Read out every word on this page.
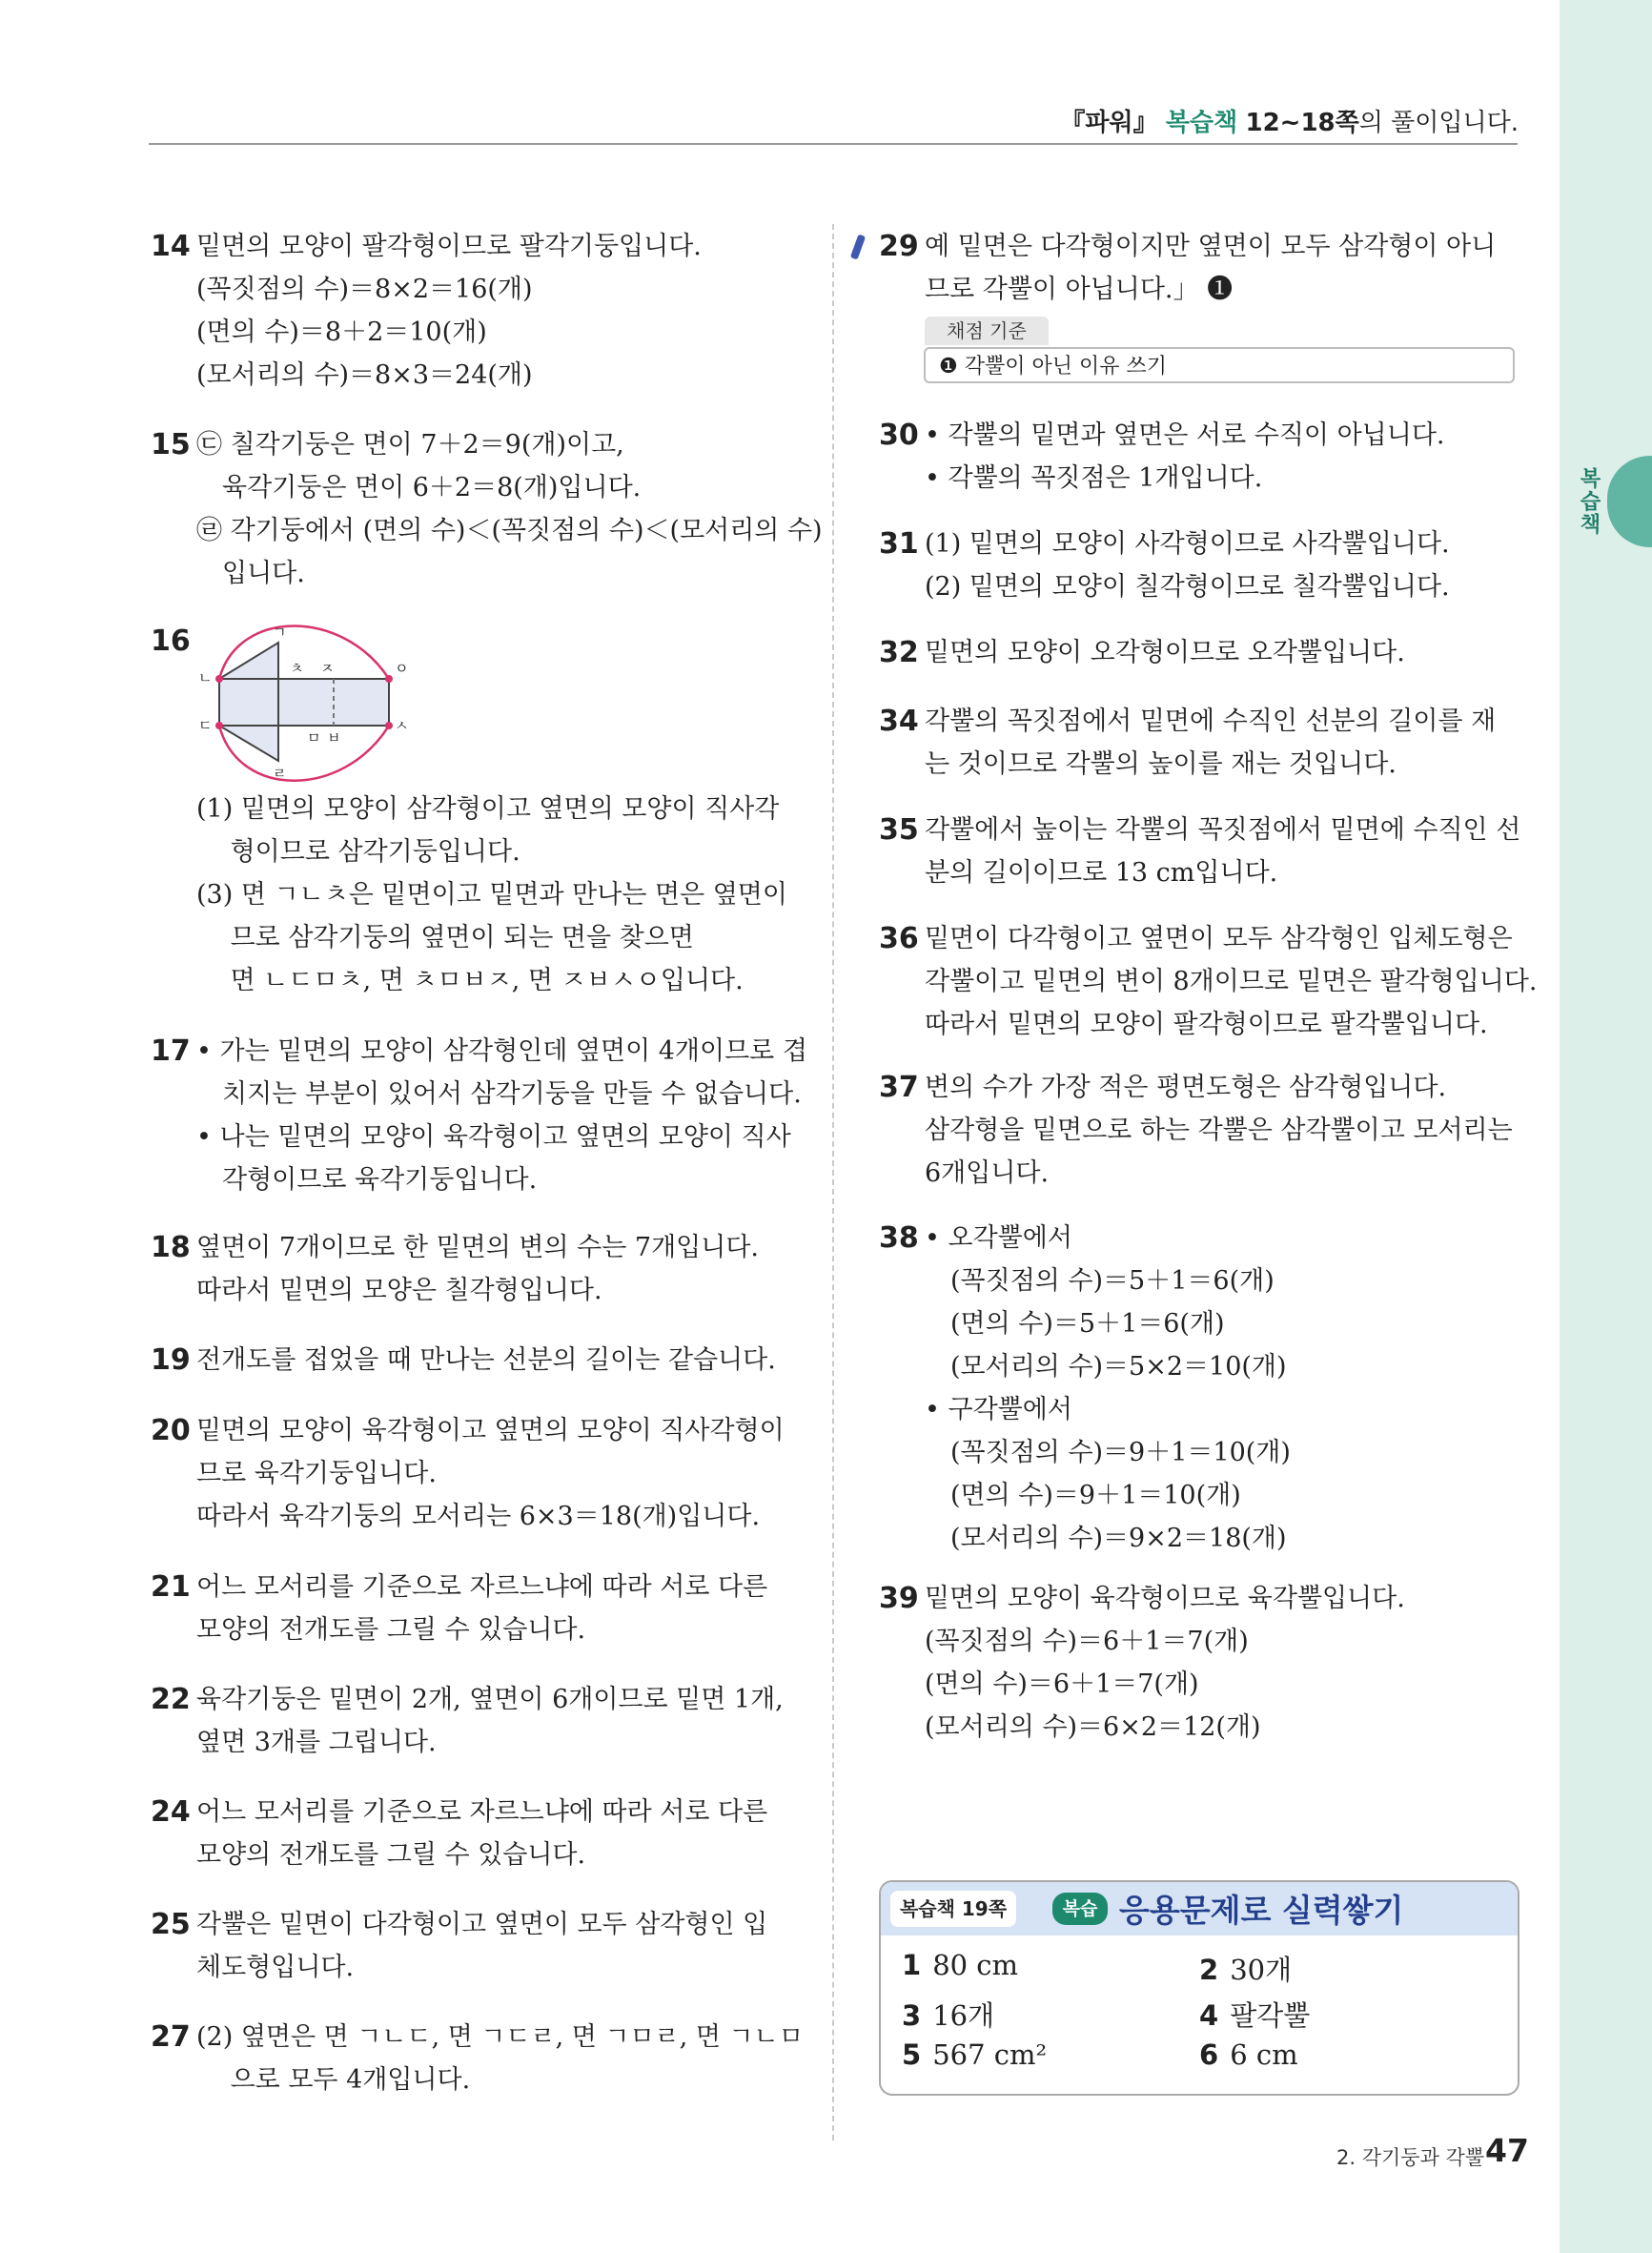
복습책
『파워』 복습책 12~18쪽의 풀이입니다.
14 밑면의 모양이 팔각형이므로 팔각기둥입니다.
(꼭짓점의 수)＝8×2＝16(개)
(면의 수)＝8＋2＝10(개)
(모서리의 수)＝8×3＝24(개)
15 ㉢ 칠각기둥은 면이 7＋2＝9(개)이고,
　육각기둥은 면이 6＋2＝8(개)입니다.
㉣ 각기둥에서 (면의 수)＜(꼭짓점의 수)＜(모서리의 수)
　입니다.
16	ㄱ
ㄴ
ㄷ
ㄹ
ㅁ ㅂ
ㅅ
ㅇ
ㅈ
ㅊ
(1) 밑면의 모양이 삼각형이고 옆면의 모양이 직사각
　 형이므로 삼각기둥입니다.
(3) 면 ㄱㄴㅊ은 밑면이고 밑면과 만나는 면은 옆면이
　 므로 삼각기둥의 옆면이 되는 면을 찾으면
　 면 ㄴㄷㅁㅊ, 면 ㅊㅁㅂㅈ, 면 ㅈㅂㅅㅇ입니다.
17 • 가는 밑면의 모양이 삼각형인데 옆면이 4개이므로 겹
　치지는 부분이 있어서 삼각기둥을 만들 수 없습니다.
• 나는 밑면의 모양이 육각형이고 옆면의 모양이 직사
　각형이므로 육각기둥입니다.
18 옆면이 7개이므로 한 밑면의 변의 수는 7개입니다.
따라서 밑면의 모양은 칠각형입니다.
19 전개도를 접었을 때 만나는 선분의 길이는 같습니다.
20 밑면의 모양이 육각형이고 옆면의 모양이 직사각형이
므로 육각기둥입니다.
따라서 육각기둥의 모서리는 6×3＝18(개)입니다.
21 어느 모서리를 기준으로 자르느냐에 따라 서로 다른
모양의 전개도를 그릴 수 있습니다.
22 육각기둥은 밑면이 2개, 옆면이 6개이므로 밑면 1개,
옆면 3개를 그립니다.
24 어느 모서리를 기준으로 자르느냐에 따라 서로 다른
모양의 전개도를 그릴 수 있습니다.
25 각뿔은 밑면이 다각형이고 옆면이 모두 삼각형인 입
체도형입니다.
27 (2) 옆면은 면 ㄱㄴㄷ, 면 ㄱㄷㄹ, 면 ㄱㅁㄹ, 면 ㄱㄴㅁ
　 으로 모두 4개입니다.
29 예 밑면은 다각형이지만 옆면이 모두 삼각형이 아니
므로 각뿔이 아닙니다.」 ❶
채점 기준
❶ 각뿔이 아닌 이유 쓰기
30 • 각뿔의 밑면과 옆면은 서로 수직이 아닙니다.
• 각뿔의 꼭짓점은 1개입니다.
31 (1) 밑면의 모양이 사각형이므로 사각뿔입니다.
(2) 밑면의 모양이 칠각형이므로 칠각뿔입니다.
32 밑면의 모양이 오각형이므로 오각뿔입니다.
34 각뿔의 꼭짓점에서 밑면에 수직인 선분의 길이를 재
는 것이므로 각뿔의 높이를 재는 것입니다.
35 각뿔에서 높이는 각뿔의 꼭짓점에서 밑면에 수직인 선
분의 길이이므로 13 cm입니다.
36 밑면이 다각형이고 옆면이 모두 삼각형인 입체도형은
각뿔이고 밑면의 변이 8개이므로 밑면은 팔각형입니다.
따라서 밑면의 모양이 팔각형이므로 팔각뿔입니다.
37 변의 수가 가장 적은 평면도형은 삼각형입니다.
삼각형을 밑면으로 하는 각뿔은 삼각뿔이고 모서리는
6개입니다.
38 • 오각뿔에서
　(꼭짓점의 수)＝5＋1＝6(개)
　(면의 수)＝5＋1＝6(개)
　(모서리의 수)＝5×2＝10(개)
• 구각뿔에서
　(꼭짓점의 수)＝9＋1＝10(개)
　(면의 수)＝9＋1＝10(개)
　(모서리의 수)＝9×2＝18(개)
39 밑면의 모양이 육각형이므로 육각뿔입니다.
(꼭짓점의 수)＝6＋1＝7(개)
(면의 수)＝6＋1＝7(개)
(모서리의 수)＝6×2＝12(개)
복습책 19쪽	복습 응용문제로 실력쌓기
1 80 cm	2 30개
3 16개	4 팔각뿔
5 567 cm²	6 6 cm
2. 각기둥과 각뿔 47
